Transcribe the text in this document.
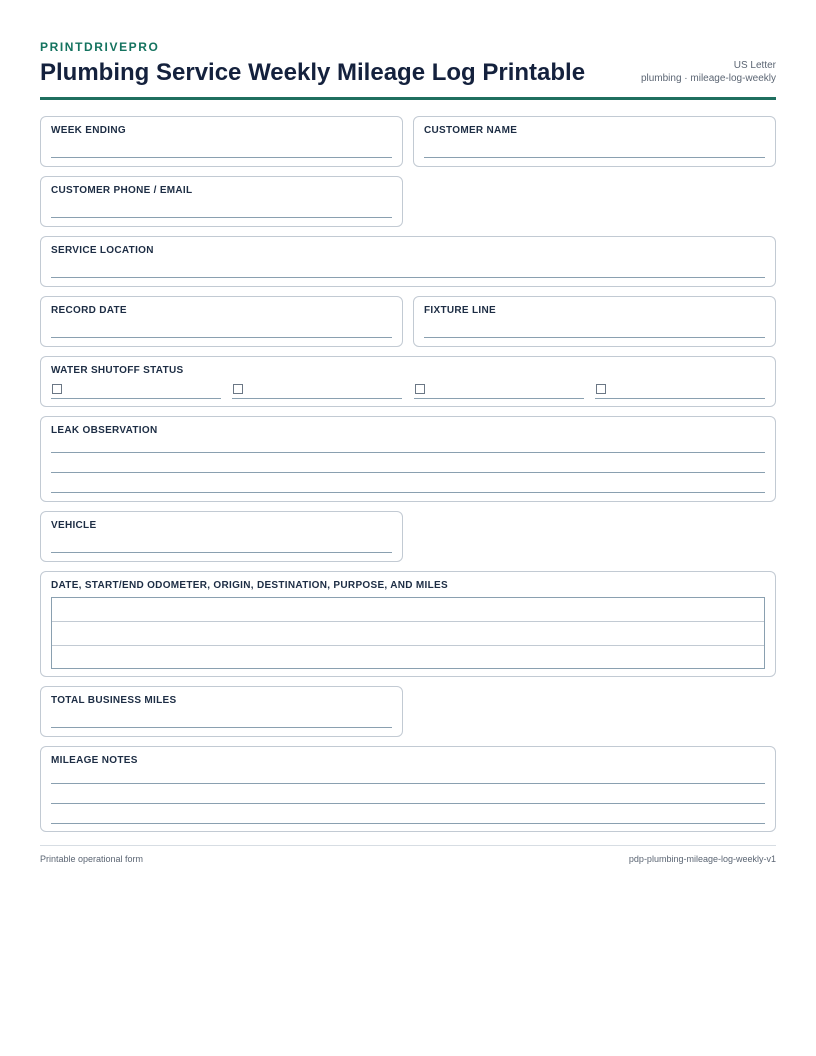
PRINTDRIVEPRO
Plumbing Service Weekly Mileage Log Printable	US Letter
plumbing · mileage-log-weekly
WEEK ENDING	CUSTOMER NAME
CUSTOMER PHONE / EMAIL
SERVICE LOCATION
RECORD DATE	FIXTURE LINE
WATER SHUTOFF STATUS
LEAK OBSERVATION
VEHICLE
DATE, START/END ODOMETER, ORIGIN, DESTINATION, PURPOSE, AND MILES
TOTAL BUSINESS MILES
MILEAGE NOTES
Printable operational form	pdp-plumbing-mileage-log-weekly-v1
